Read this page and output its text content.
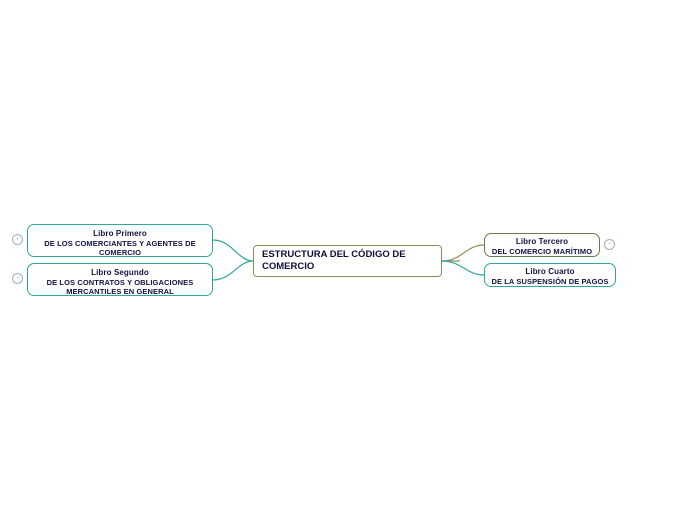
ESTRUCTURA DEL CÓDIGO DE COMERCIO
Libro Primero
DE LOS COMERCIANTES Y AGENTES DE COMERCIO
Libro Segundo
DE LOS CONTRATOS Y OBLIGACIONES MERCANTILES EN GENERAL
Libro Tercero
DEL COMERCIO MARÍTIMO
Libro Cuarto
DE LA SUSPENSIÓN DE PAGOS
-
-
-
